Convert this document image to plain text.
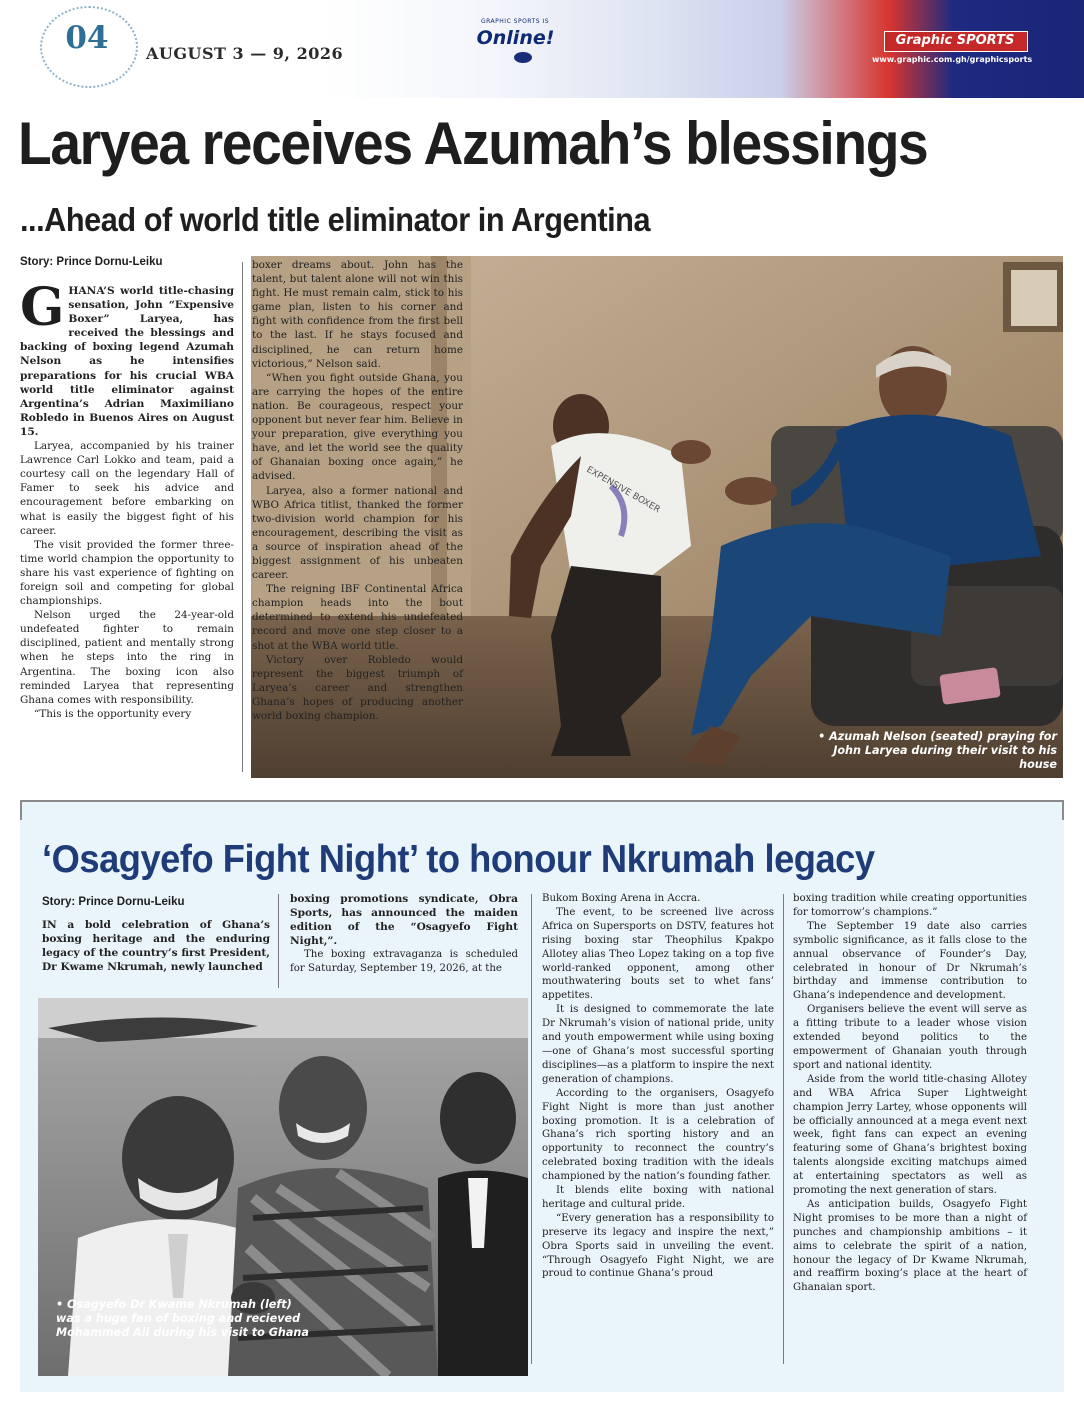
04	AUGUST 3 — 9, 2026
GRAPHIC SPORTS IS
Online!	Graphic SPORTS
www.graphic.com.gh/graphicsports
Laryea receives Azumah’s blessings
...Ahead of world title eliminator in Argentina
Story: Prince Dornu-Leiku
G HANA’S world title-chasing sensation, John “Expensive Boxer” Laryea, has received the blessings and backing of boxing legend Azumah Nelson as he intensifies preparations for his crucial WBA world title eliminator against Argentina’s Adrian Maximiliano Robledo in Buenos Aires on August 15.

Laryea, accompanied by his trainer Lawrence Carl Lokko and team, paid a courtesy call on the legendary Hall of Famer to seek his advice and encouragement before embarking on what is easily the biggest fight of his career.

The visit provided the former three-time world champion the opportunity to share his vast experience of fighting on foreign soil and competing for global championships.

Nelson urged the 24-year-old undefeated fighter to remain disciplined, patient and mentally strong when he steps into the ring in Argentina. The boxing icon also reminded Laryea that representing Ghana comes with responsibility.

“This is the opportunity every

EXPENSIVE BOXER
• Azumah Nelson (seated) praying for
John Laryea during their visit to his house

boxer dreams about. John has the talent, but talent alone will not win this fight. He must remain calm, stick to his game plan, listen to his corner and fight with confidence from the first bell to the last. If he stays focused and disciplined, he can return home victorious,” Nelson said.

“When you fight outside Ghana, you are carrying the hopes of the entire nation. Be courageous, respect your opponent but never fear him. Believe in your preparation, give everything you have, and let the world see the quality of Ghanaian boxing once again,” he advised.

Laryea, also a former national and WBO Africa titlist, thanked the former two-division world champion for his encouragement, describing the visit as a source of inspiration ahead of the biggest assignment of his unbeaten career.

The reigning IBF Continental Africa champion heads into the bout determined to extend his undefeated record and move one step closer to a shot at the WBA world title.

Victory over Robledo would represent the biggest triumph of Laryea’s career and strengthen Ghana’s hopes of producing another world boxing champion.

‘Osagyefo Fight Night’ to honour Nkrumah legacy
Story: Prince Dornu-Leiku

IN a bold celebration of Ghana’s boxing heritage and the enduring legacy of the country’s first President, Dr Kwame Nkrumah, newly launched

boxing promotions syndicate, Obra Sports, has announced the maiden edition of the “Osagyefo Fight Night,”.

The boxing extravaganza is scheduled for Saturday, September 19, 2026, at the

Bukom Boxing Arena in Accra.

The event, to be screened live across Africa on Supersports on DSTV, features hot rising boxing star Theophilus Kpakpo Allotey alias Theo Lopez taking on a top five world-ranked opponent, among other mouthwatering bouts set to whet fans’ appetites.

It is designed to commemorate the late Dr Nkrumah’s vision of national pride, unity and youth empowerment while using boxing—one of Ghana’s most successful sporting disciplines—as a platform to inspire the next generation of champions.

According to the organisers, Osagyefo Fight Night is more than just another boxing promotion. It is a celebration of Ghana’s rich sporting history and an opportunity to reconnect the country’s celebrated boxing tradition with the ideals championed by the nation’s founding father.

It blends elite boxing with national heritage and cultural pride.

“Every generation has a responsibility to preserve its legacy and inspire the next,” Obra Sports said in unveiling the event. “Through Osagyefo Fight Night, we are proud to continue Ghana’s proud

boxing tradition while creating opportunities for tomorrow’s champions.”

The September 19 date also carries symbolic significance, as it falls close to the annual observance of Founder’s Day, celebrated in honour of Dr Nkrumah’s birthday and immense contribution to Ghana’s independence and development.

Organisers believe the event will serve as a fitting tribute to a leader whose vision extended beyond politics to the empowerment of Ghanaian youth through sport and national identity.

Aside from the world title-chasing Allotey and WBA Africa Super Lightweight champion Jerry Lartey, whose opponents will be officially announced at a mega event next week, fight fans can expect an evening featuring some of Ghana’s brightest boxing talents alongside exciting matchups aimed at entertaining spectators as well as promoting the next generation of stars.

As anticipation builds, Osagyefo Fight Night promises to be more than a night of punches and championship ambitions – it aims to celebrate the spirit of a nation, honour the legacy of Dr Kwame Nkrumah, and reaffirm boxing’s place at the heart of Ghanaian sport.

• Osagyefo Dr Kwame Nkrumah (left)
was a huge fan of boxing and recieved
Mohammed Ali during his visit to Ghana
